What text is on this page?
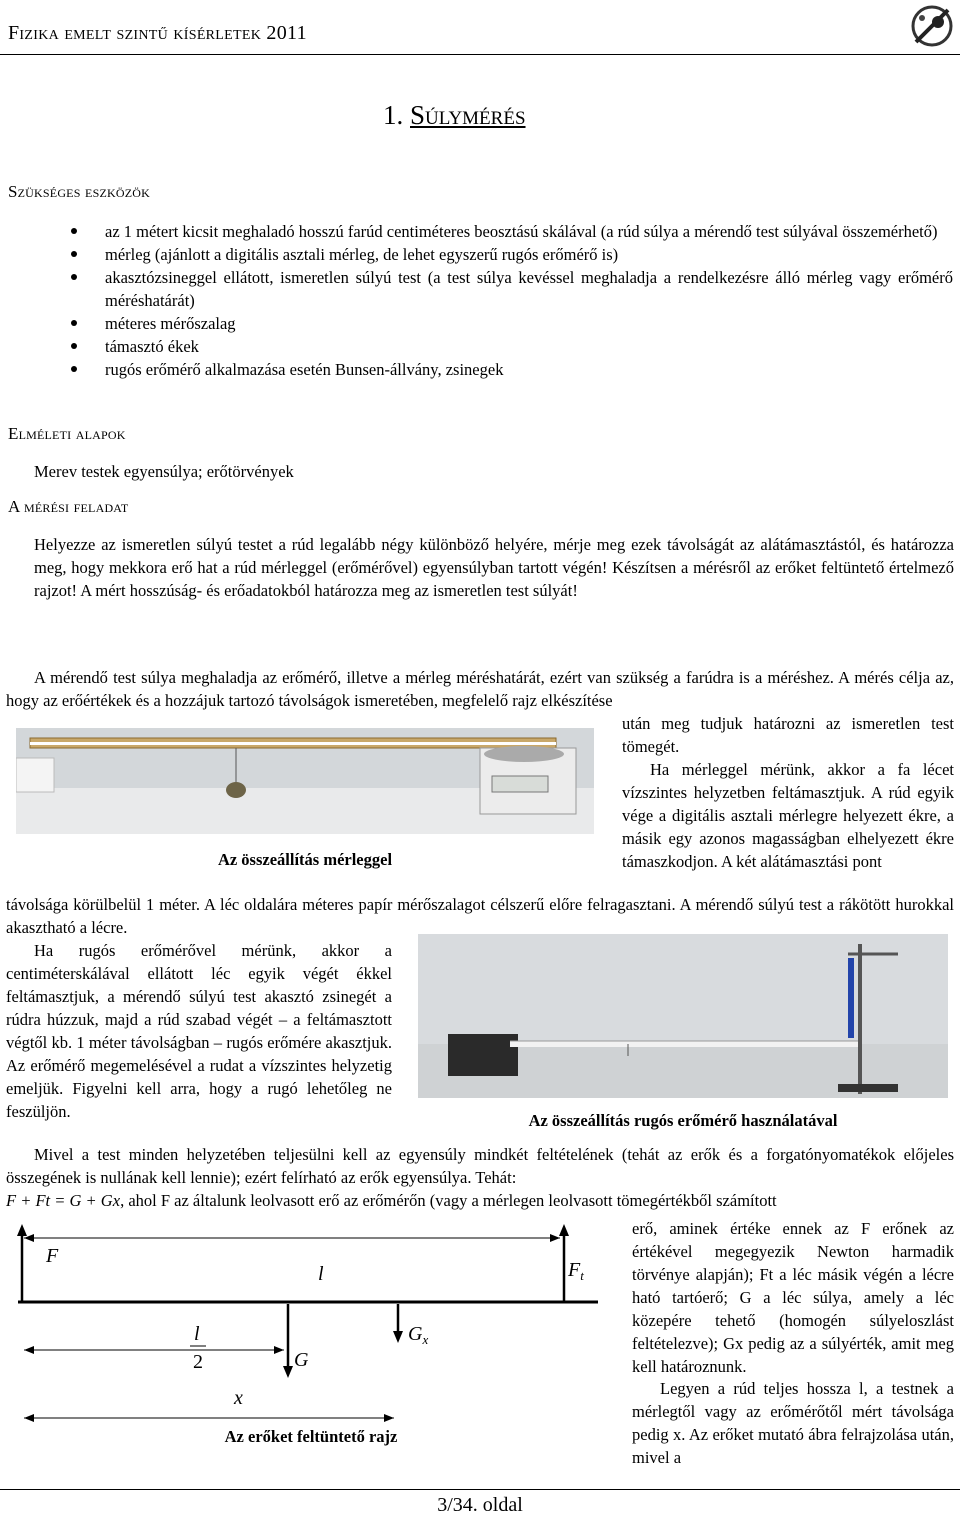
Fizika emelt szintű kísérletek 2011
1. Súlymérés
Szükséges eszközök
az 1 métert kicsit meghaladó hosszú farúd centiméteres beosztású skálával (a rúd súlya a mérendő test súlyával összemérhető)
mérleg (ajánlott a digitális asztali mérleg, de lehet egyszerű rugós erőmérő is)
akasztózsineggel ellátott, ismeretlen súlyú test (a test súlya kevéssel meghaladja a rendelkezésre álló mérleg vagy erőmérő méréshatárát)
méteres mérőszalag
támasztó ékek
rugós erőmérő alkalmazása esetén Bunsen-állvány, zsinegek
Elméleti alapok
Merev testek egyensúlya; erőtörvények
A mérési feladat
Helyezze az ismeretlen súlyú testet a rúd legalább négy különböző helyére, mérje meg ezek távolságát az alátámasztástól, és határozza meg, hogy mekkora erő hat a rúd mérleggel (erőmérővel) egyensúlyban tartott végén! Készítsen a mérésről az erőket feltüntető értelmező rajzot! A mért hosszúság- és erőadatokból határozza meg az ismeretlen test súlyát!
A mérendő test súlya meghaladja az erőmérő, illetve a mérleg méréshatárát, ezért van szükség a farúdra is a méréshez. A mérés célja az, hogy az erőértékek és a hozzájuk tartozó távolságok ismeretében, megfelelő rajz elkészítése
Az összeállítás mérleggel
után meg tudjuk határozni az ismeretlen test tömegét.
Ha mérleggel mérünk, akkor a fa lécet vízszintes helyzetben feltámasztjuk. A rúd egyik vége a digitális asztali mérlegre helyezett ékre, a másik egy azonos magasságban elhelyezett ékre támaszkodjon. A két alátámasztási pont
távolsága körülbelül 1 méter. A léc oldalára méteres papír mérőszalagot célszerű előre felragasztani. A mérendő súlyú test a rákötött hurokkal akasztható a lécre.
Ha rugós erőmérővel mérünk, akkor a centiméterskálával ellátott léc egyik végét ékkel feltámasztjuk, a mérendő súlyú test akasztó zsinegét a rúdra húzzuk, majd a rúd szabad végét – a feltámasztott végtől kb. 1 méter távolságban – rugós erőmére akasztjuk. Az erőmérő megemelésével a rudat a vízszintes helyzetig emeljük. Figyelni kell arra, hogy a rugó lehetőleg ne feszüljön.	Az összeállítás rugós erőmérő használatával
Mivel a test minden helyzetében teljesülni kell az egyensúly mindkét feltételének (tehát az erők és a forgatónyomatékok előjeles összegének is nullának kell lennie); ezért felírható az erők egyensúlya. Tehát:
F + Ft = G + Gx, ahol F az általunk leolvasott erő az erőmérőn (vagy a mérlegen leolvasott tömegértékből számított
F
l	$F_t$
l
2	G
$G_x$
x
Az erőket feltüntető rajz
erő, aminek értéke ennek az F erőnek az értékével megegyezik Newton harmadik törvénye alapján); Ft a léc másik végén a lécre ható tartóerő; G a léc súlya, amely a léc közepére tehető (homogén súlyeloszlást feltételezve); Gx pedig az a súlyérték, amit meg kell határoznunk.
Legyen a rúd teljes hossza l, a testnek a mérlegtől vagy az erőmérőtől mért távolsága pedig x. Az erőket mutató ábra felrajzolása után, mivel a
3/34. oldal
